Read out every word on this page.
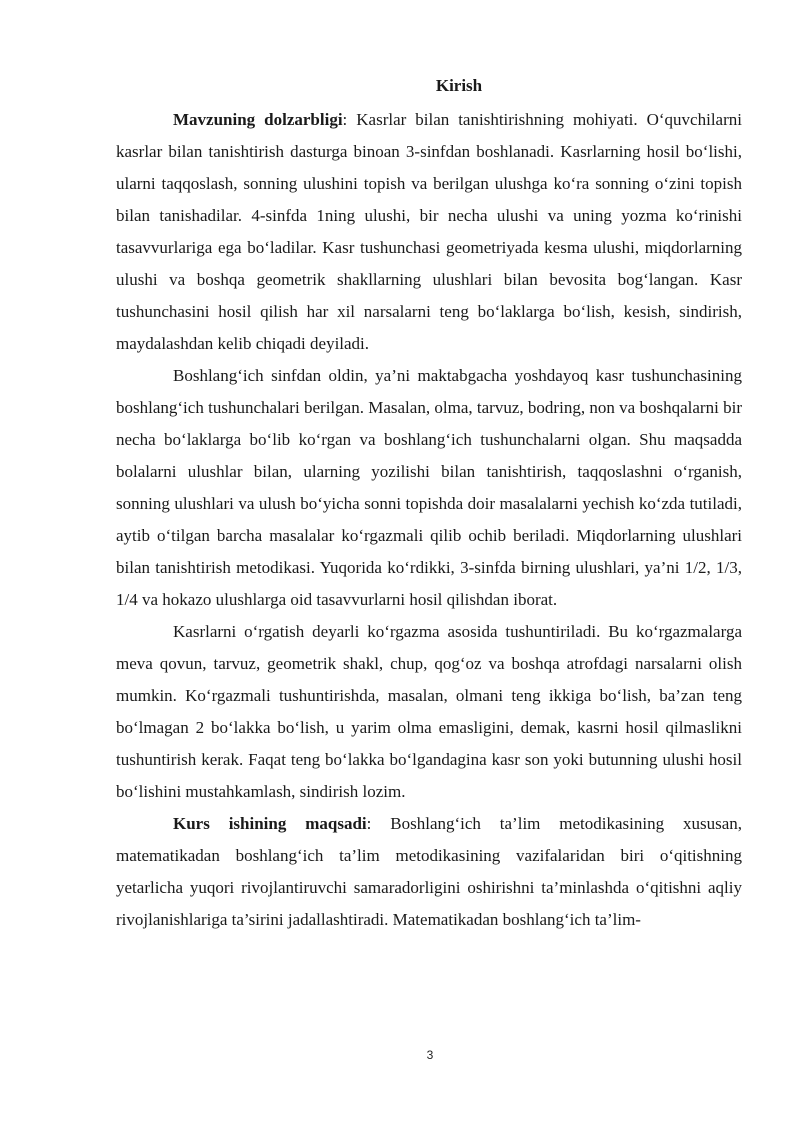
Kirish

Mavzuning dolzarbligi: Kasrlar bilan tanishtirishning mohiyati. O‘quvchilarni kasrlar bilan tanishtirish dasturga binoan 3-sinfdan boshlanadi. Kasrlarning hosil bo‘lishi, ularni taqqoslash, sonning ulushini topish va berilgan ulushga ko‘ra sonning o‘zini topish bilan tanishadilar. 4-sinfda 1ning ulushi, bir necha ulushi va uning yozma ko‘rinishi tasavvurlariga ega bo‘ladilar. Kasr tushunchasi geometriyada kesma ulushi, miqdorlarning ulushi va boshqa geometrik shakllarning ulushlari bilan bevosita bog‘langan. Kasr tushunchasini hosil qilish har xil narsalarni teng bo‘laklarga bo‘lish, kesish, sindirish, maydalashdan kelib chiqadi deyiladi.

Boshlang‘ich sinfdan oldin, ya’ni maktabgacha yoshdayoq kasr tushunchasining boshlang‘ich tushunchalari berilgan. Masalan, olma, tarvuz, bodring, non va boshqalarni bir necha bo‘laklarga bo‘lib ko‘rgan va boshlang‘ich tushunchalarni olgan. Shu maqsadda bolalarni ulushlar bilan, ularning yozilishi bilan tanishtirish, taqqoslashni o‘rganish, sonning ulushlari va ulush bo‘yicha sonni topishda doir masalalarni yechish ko‘zda tutiladi, aytib o‘tilgan barcha masalalar ko‘rgazmali qilib ochib beriladi. Miqdorlarning ulushlari bilan tanishtirish metodikasi. Yuqorida ko‘rdikki, 3-sinfda birning ulushlari, ya’ni 1/2, 1/3, 1/4 va hokazo ulushlarga oid tasavvurlarni hosil qilishdan iborat.

Kasrlarni o‘rgatish deyarli ko‘rgazma asosida tushuntiriladi. Bu ko‘rgazmalarga meva qovun, tarvuz, geometrik shakl, chup, qog‘oz va boshqa atrofdagi narsalarni olish mumkin. Ko‘rgazmali tushuntirishda, masalan, olmani teng ikkiga bo‘lish, ba’zan teng bo‘lmagan 2 bo‘lakka bo‘lish, u yarim olma emasligini, demak, kasrni hosil qilmaslikni tushuntirish kerak. Faqat teng bo‘lakka bo‘lgandagina kasr son yoki butunning ulushi hosil bo‘lishini mustahkamlash, sindirish lozim.

Kurs ishining maqsadi: Boshlang‘ich ta’lim metodikasining xususan, matematikadan boshlang‘ich ta’lim metodikasining vazifalaridan biri o‘qitishning yetarlicha yuqori rivojlantiruvchi samaradorligini oshirishni ta’minlashda o‘qitishni aqliy rivojlanishlariga ta’sirini jadallashtiradi. Matematikadan boshlang‘ich ta’lim-

3
